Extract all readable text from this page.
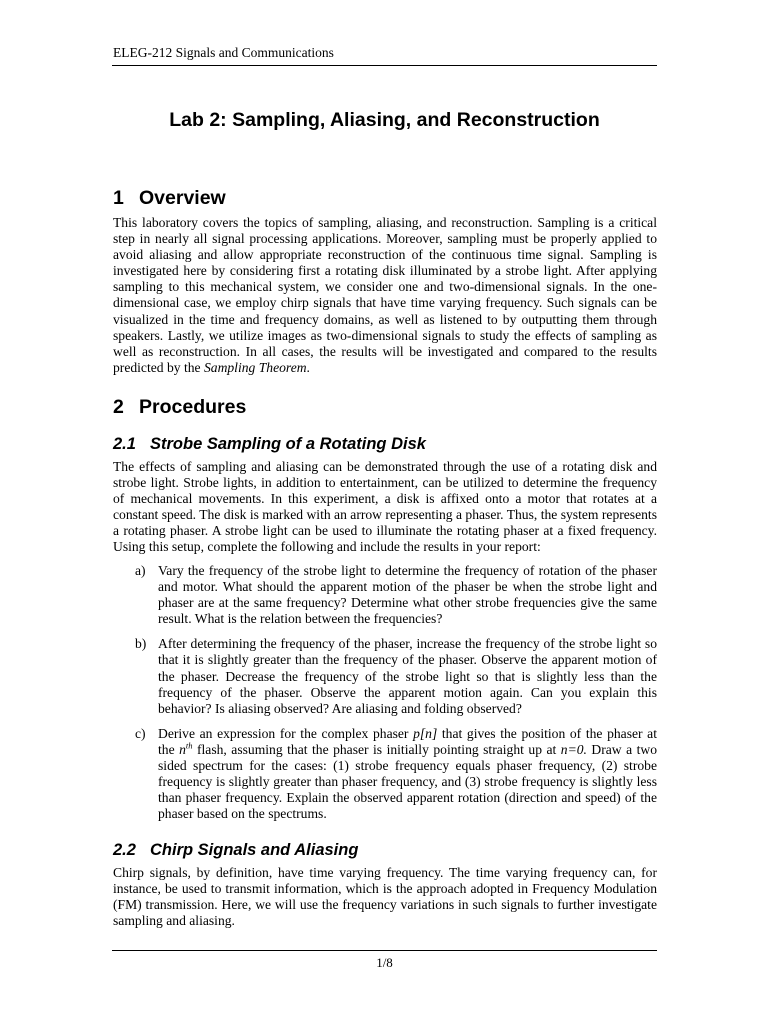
ELEG-212 Signals and Communications
Lab 2: Sampling, Aliasing, and Reconstruction
1 Overview

This laboratory covers the topics of sampling, aliasing, and reconstruction. Sampling is a critical step in nearly all signal processing applications. Moreover, sampling must be properly applied to avoid aliasing and allow appropriate reconstruction of the continuous time signal. Sampling is investigated here by considering first a rotating disk illuminated by a strobe light. After applying sampling to this mechanical system, we consider one and two-dimensional signals. In the one-dimensional case, we employ chirp signals that have time varying frequency. Such signals can be visualized in the time and frequency domains, as well as listened to by outputting them through speakers. Lastly, we utilize images as two-dimensional signals to study the effects of sampling as well as reconstruction. In all cases, the results will be investigated and compared to the results predicted by the Sampling Theorem.

2 Procedures
2.1 Strobe Sampling of a Rotating Disk

The effects of sampling and aliasing can be demonstrated through the use of a rotating disk and strobe light. Strobe lights, in addition to entertainment, can be utilized to determine the frequency of mechanical movements. In this experiment, a disk is affixed onto a motor that rotates at a constant speed. The disk is marked with an arrow representing a phaser. Thus, the system represents a rotating phaser. A strobe light can be used to illuminate the rotating phaser at a fixed frequency. Using this setup, complete the following and include the results in your report:

a) Vary the frequency of the strobe light to determine the frequency of rotation of the phaser and motor. What should the apparent motion of the phaser be when the strobe light and phaser are at the same frequency? Determine what other strobe frequencies give the same result. What is the relation between the frequencies?
b) After determining the frequency of the phaser, increase the frequency of the strobe light so that it is slightly greater than the frequency of the phaser. Observe the apparent motion of the phaser. Decrease the frequency of the strobe light so that is slightly less than the frequency of the phaser. Observe the apparent motion again. Can you explain this behavior? Is aliasing observed? Are aliasing and folding observed?
c) Derive an expression for the complex phaser p[n] that gives the position of the phaser at the $n^{th}$ flash, assuming that the phaser is initially pointing straight up at n=0. Draw a two sided spectrum for the cases: (1) strobe frequency equals phaser frequency, (2) strobe frequency is slightly greater than phaser frequency, and (3) strobe frequency is slightly less than phaser frequency. Explain the observed apparent rotation (direction and speed) of the phaser based on the spectrums.
2.2 Chirp Signals and Aliasing

Chirp signals, by definition, have time varying frequency. The time varying frequency can, for instance, be used to transmit information, which is the approach adopted in Frequency Modulation (FM) transmission. Here, we will use the frequency variations in such signals to further investigate sampling and aliasing.

1/8
